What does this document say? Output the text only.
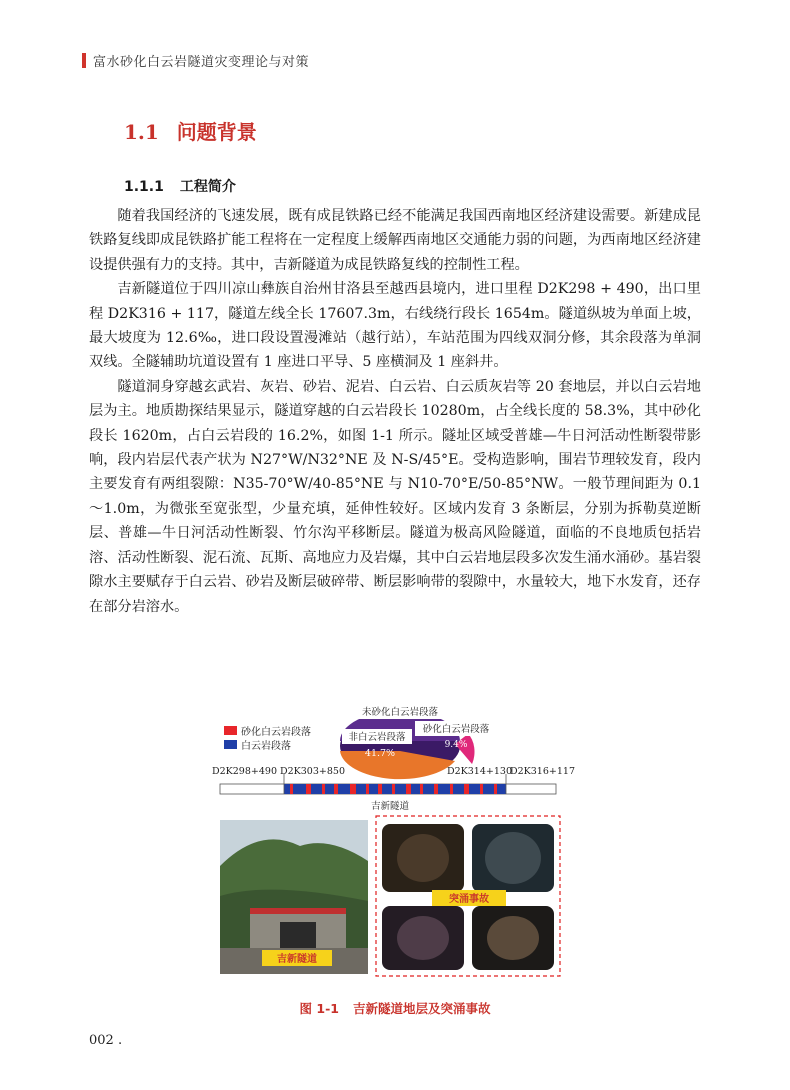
富水砂化白云岩隧道灾变理论与对策
1.1 问题背景
1.1.1 工程简介

随着我国经济的飞速发展，既有成昆铁路已经不能满足我国西南地区经济建设需要。新建成昆铁路复线即成昆铁路扩能工程将在一定程度上缓解西南地区交通能力弱的问题，为西南地区经济建设提供强有力的支持。其中，吉新隧道为成昆铁路复线的控制性工程。

吉新隧道位于四川凉山彝族自治州甘洛县至越西县境内，进口里程 D2K298 + 490，出口里程 D2K316 + 117，隧道左线全长 17607.3m，右线绕行段长 1654m。隧道纵坡为单面上坡，最大坡度为 12.6‰，进口段设置漫滩站（越行站），车站范围为四线双洞分修，其余段落为单洞双线。全隧辅助坑道设置有 1 座进口平导、5 座横洞及 1 座斜井。

隧道洞身穿越玄武岩、灰岩、砂岩、泥岩、白云岩、白云质灰岩等 20 套地层，并以白云岩地层为主。地质勘探结果显示，隧道穿越的白云岩段长 10280m，占全线长度的 58.3%，其中砂化段长 1620m，占白云岩段的 16.2%，如图 1-1 所示。隧址区域受普雄—牛日河活动性断裂带影响，段内岩层代表产状为 N27°W/N32°NE 及 N-S/45°E。受构造影响，围岩节理较发育，段内主要发育有两组裂隙：N35-70°W/40-85°NE 与 N10-70°E/50-85°NW。一般节理间距为 0.1～1.0m，为微张至宽张型，少量充填，延伸性较好。区域内发育 3 条断层，分别为拆勒莫逆断层、普雄—牛日河活动性断裂、竹尔沟平移断层。隧道为极高风险隧道，面临的不良地质包括岩溶、活动性断裂、泥石流、瓦斯、高地应力及岩爆，其中白云岩地层段多次发生涌水涌砂。基岩裂隙水主要赋存于白云岩、砂岩及断层破碎带、断层影响带的裂隙中，水量较大，地下水发育，还存在部分岩溶水。

砂化白云岩段落
白云岩段落
48.9%
未砂化白云岩段落
非白云岩段落
41.7%
砂化白云岩段落
9.4%
D2K298+490 D2K303+850	D2K314+130
D2K316+117
吉新隧道
吉新隧道
突涌事故
图 1-1 吉新隧道地层及突涌事故
002 .
